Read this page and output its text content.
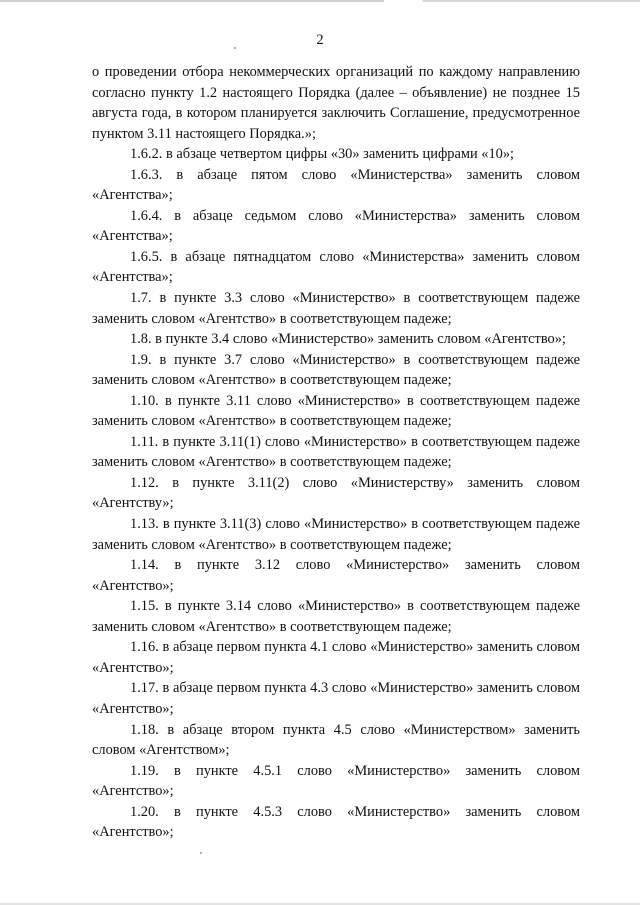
2

о проведении отбора некоммерческих организаций по каждому направлению согласно пункту 1.2 настоящего Порядка (далее – объявление) не позднее 15 августа года, в котором планируется заключить Соглашение, предусмотренное пунктом 3.11 настоящего Порядка.»;

1.6.2. в абзаце четвертом цифры «30» заменить цифрами «10»;

1.6.3. в абзаце пятом слово «Министерства» заменить словом «Агентства»;

1.6.4. в абзаце седьмом слово «Министерства» заменить словом «Агентства»;

1.6.5. в абзаце пятнадцатом слово «Министерства» заменить словом «Агентства»;

1.7. в пункте 3.3 слово «Министерство» в соответствующем падеже заменить словом «Агентство» в соответствующем падеже;

1.8. в пункте 3.4 слово «Министерство» заменить словом «Агентство»;

1.9. в пункте 3.7 слово «Министерство» в соответствующем падеже заменить словом «Агентство» в соответствующем падеже;

1.10. в пункте 3.11 слово «Министерство» в соответствующем падеже заменить словом «Агентство» в соответствующем падеже;

1.11. в пункте 3.11(1) слово «Министерство» в соответствующем падеже заменить словом «Агентство» в соответствующем падеже;

1.12. в пункте 3.11(2) слово «Министерству» заменить словом «Агентству»;

1.13. в пункте 3.11(3) слово «Министерство» в соответствующем падеже заменить словом «Агентство» в соответствующем падеже;

1.14. в пункте 3.12 слово «Министерство» заменить словом «Агентство»;

1.15. в пункте 3.14 слово «Министерство» в соответствующем падеже заменить словом «Агентство» в соответствующем падеже;

1.16. в абзаце первом пункта 4.1 слово «Министерство» заменить словом «Агентство»;

1.17. в абзаце первом пункта 4.3 слово «Министерство» заменить словом «Агентство»;

1.18. в абзаце втором пункта 4.5 слово «Министерством» заменить словом «Агентством»;

1.19. в пункте 4.5.1 слово «Министерство» заменить словом «Агентство»;

1.20. в пункте 4.5.3 слово «Министерство» заменить словом «Агентство»;
